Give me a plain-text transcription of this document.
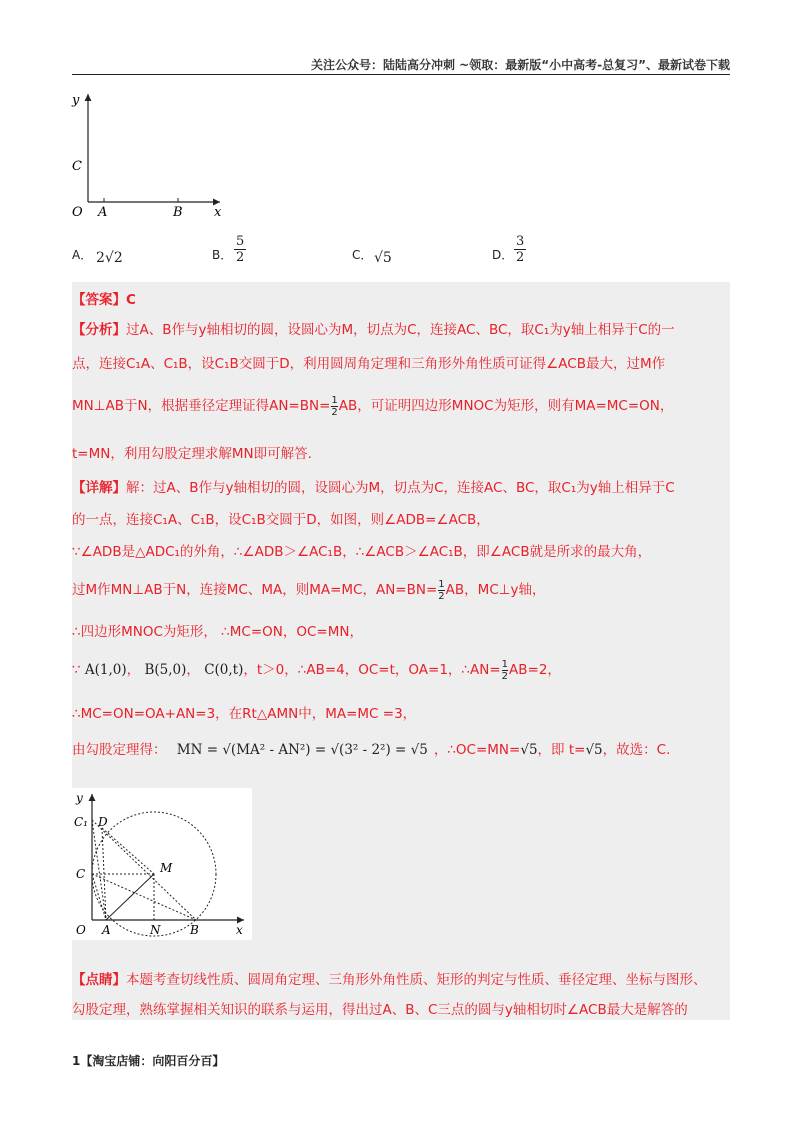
关注公众号：陆陆高分冲刺 ~领取：最新版“小中高考-总复习”、最新试卷下载
y
C
O A	B x
A． 2√2	B． $\frac{5}{2}$	C． √5	D． $\frac{3}{2}$
【答案】C
【分析】过A、B作与y轴相切的圆，设圆心为M，切点为C，连接AC、BC，取C₁为y轴上相异于C的一
点，连接C₁A、C₁B，设C₁B交圆于D，利用圆周角定理和三角形外角性质可证得∠ACB最大，过M作
MN⊥AB于N，根据垂径定理证得$AN=BN= \frac{1}{2}$ AB，可证明四边形MNOC为矩形，则有MA=MC=ON，
t=MN，利用勾股定理求解MN即可解答.
【详解】解：过A、B作与y轴相切的圆，设圆心为M，切点为C，连接AC、BC，取C₁为y轴上相异于C
的一点，连接C₁A、C₁B，设C₁B交圆于D，如图，则∠ADB=∠ACB，
∵∠ADB是△ADC₁的外角，∴∠ADB＞∠AC₁B，∴∠ACB＞∠AC₁B，即∠ACB就是所求的最大角，
过M作MN⊥AB于N，连接MC、MA，则MA=MC，$AN=BN= \frac{1}{2}$ AB，MC⊥y轴，
∴四边形MNOC为矩形， ∴MC=ON，OC=MN，
∵ A(1,0)， B(5,0)， C(0,t)，t＞0，∴AB=4，OC=t，OA=1，∴AN= $\frac{1}{2} AB=2$，
∴MC=ON=OA+AN=3，在Rt△AMN中，MA=MC =3，
由勾股定理得： MN = √(MA² - AN²) = √(3² - 2²) = √5 ，∴OC=MN=√5，即 t=√5，故选：C.
y
C₁ D
M
C
O A	N B	x
【点睛】本题考查切线性质、圆周角定理、三角形外角性质、矩形的判定与性质、垂径定理、坐标与图形、
勾股定理，熟练掌握相关知识的联系与运用，得出过A、B、C三点的圆与y轴相切时∠ACB最大是解答的
1【淘宝店铺：向阳百分百】
